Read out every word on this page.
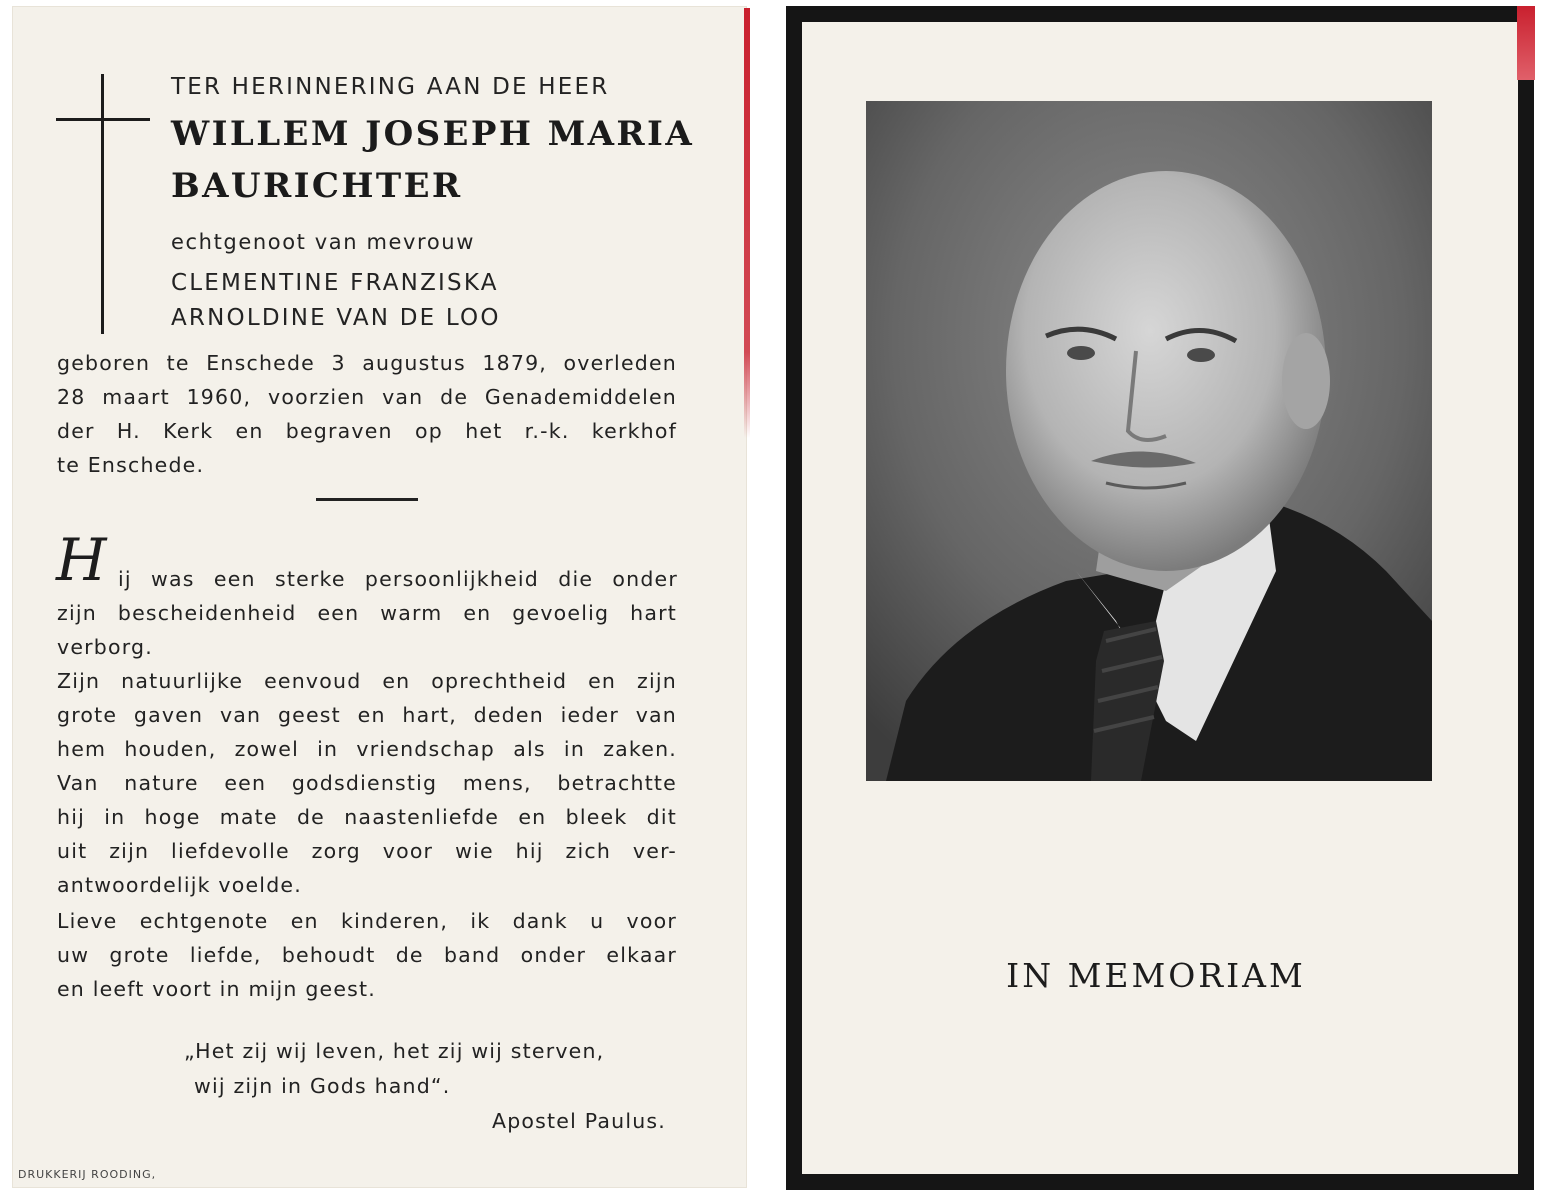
TER HERINNERING AAN DE HEER

WILLEM JOSEPH MARIA

BAURICHTER

echtgenoot van mevrouw

CLEMENTINE FRANZISKA

ARNOLDINE VAN DE LOO

geboren te Enschede 3 augustus 1879, overleden
28 maart 1960, voorzien van de Genademiddelen
der H. Kerk en begraven op het r.-k. kerkhof
te Enschede.
H ij was een sterke persoonlijkheid die onder
zijn bescheidenheid een warm en gevoelig hart
verborg.
Zijn natuurlijke eenvoud en oprechtheid en zijn
grote gaven van geest en hart, deden ieder van
hem houden, zowel in vriendschap als in zaken.
Van nature een godsdienstig mens, betrachtte
hij in hoge mate de naastenliefde en bleek dit
uit zijn liefdevolle zorg voor wie hij zich ver-
antwoordelijk voelde.
Lieve echtgenote en kinderen, ik dank u voor
uw grote liefde, behoudt de band onder elkaar
en leeft voort in mijn geest.

„Het zij wij leven, het zij wij sterven,

wij zijn in Gods hand“.

Apostel Paulus.

DRUKKERIJ ROODING,
IN MEMORIAM
